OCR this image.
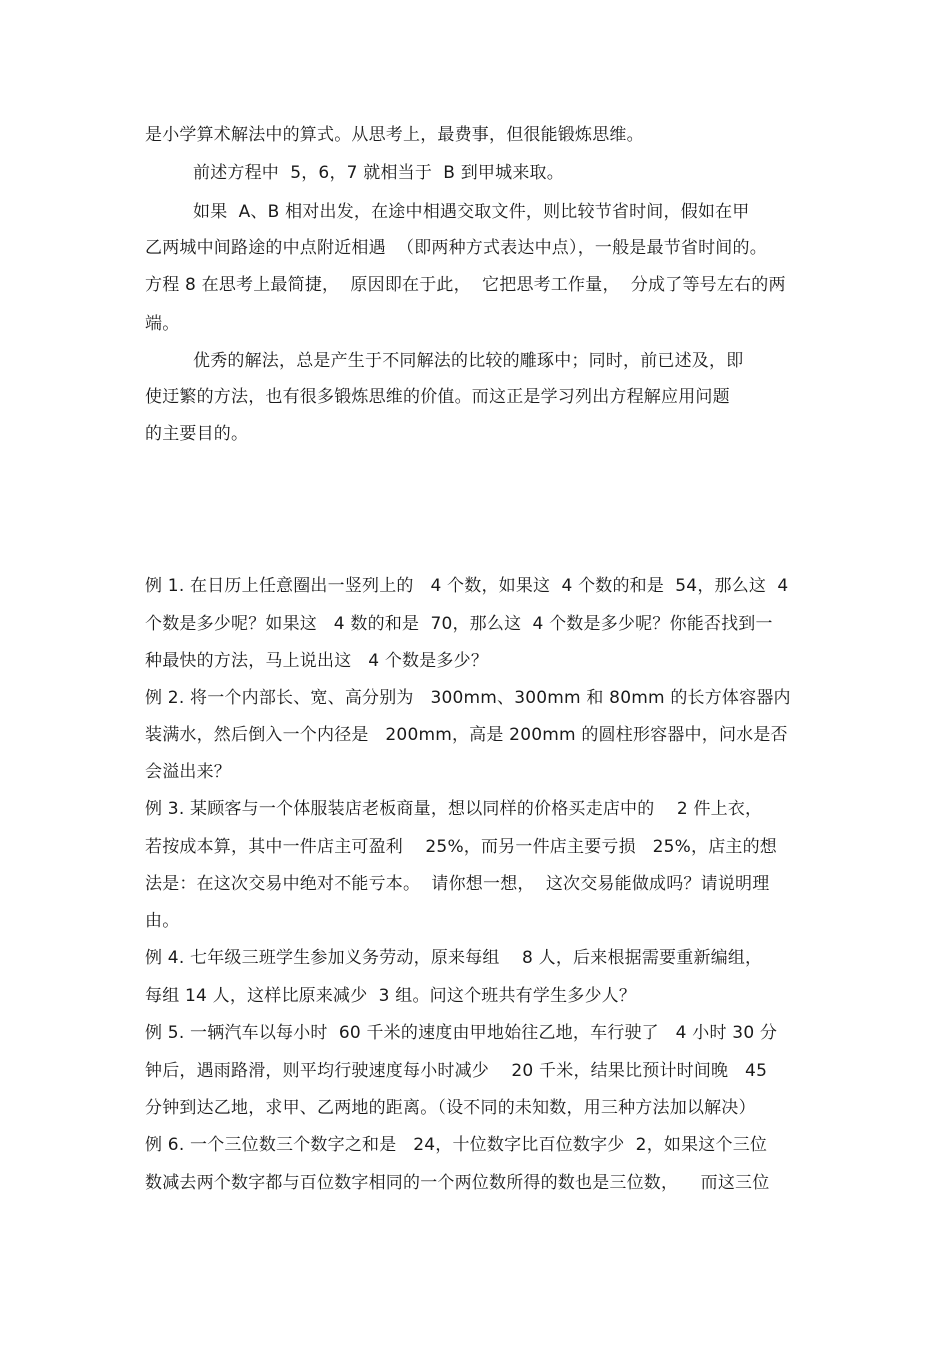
是小学算术解法中的算式。从思考上，最费事，但很能锻炼思维。
前述方程中  5，6，7 就相当于  B 到甲城来取。
如果  A、B 相对出发，在途中相遇交取文件，则比较节省时间，假如在甲
乙两城中间路途的中点附近相遇  （即两种方式表达中点），一般是最节省时间的。
方程 8 在思考上最简捷，  原因即在于此，  它把思考工作量，  分成了等号左右的两
端。
优秀的解法，总是产生于不同解法的比较的雕琢中；同时，前已述及，即
使迂繁的方法，也有很多锻炼思维的价值。而这正是学习列出方程解应用问题
的主要目的。
例 1. 在日历上任意圈出一竖列上的   4 个数，如果这  4 个数的和是  54，那么这  4
个数是多少呢？如果这   4 数的和是  70，那么这  4 个数是多少呢？你能否找到一
种最快的方法，马上说出这   4 个数是多少？
例 2. 将一个内部长、宽、高分别为   300mm、300mm 和 80mm 的长方体容器内
装满水，然后倒入一个内径是   200mm，高是 200mm 的圆柱形容器中，问水是否
会溢出来？
例 3. 某顾客与一个体服装店老板商量，想以同样的价格买走店中的    2 件上衣，
若按成本算，其中一件店主可盈利    25%，而另一件店主要亏损   25%，店主的想
法是：在这次交易中绝对不能亏本。  请你想一想，  这次交易能做成吗？请说明理
由。
例 4. 七年级三班学生参加义务劳动，原来每组    8 人，后来根据需要重新编组，
每组 14 人，这样比原来减少  3 组。问这个班共有学生多少人？
例 5. 一辆汽车以每小时  60 千米的速度由甲地始往乙地，车行驶了   4 小时 30 分
钟后，遇雨路滑，则平均行驶速度每小时减少    20 千米，结果比预计时间晚   45
分钟到达乙地，求甲、乙两地的距离。（设不同的未知数，用三种方法加以解决）
例 6. 一个三位数三个数字之和是   24，十位数字比百位数字少  2，如果这个三位
数减去两个数字都与百位数字相同的一个两位数所得的数也是三位数，    而这三位
